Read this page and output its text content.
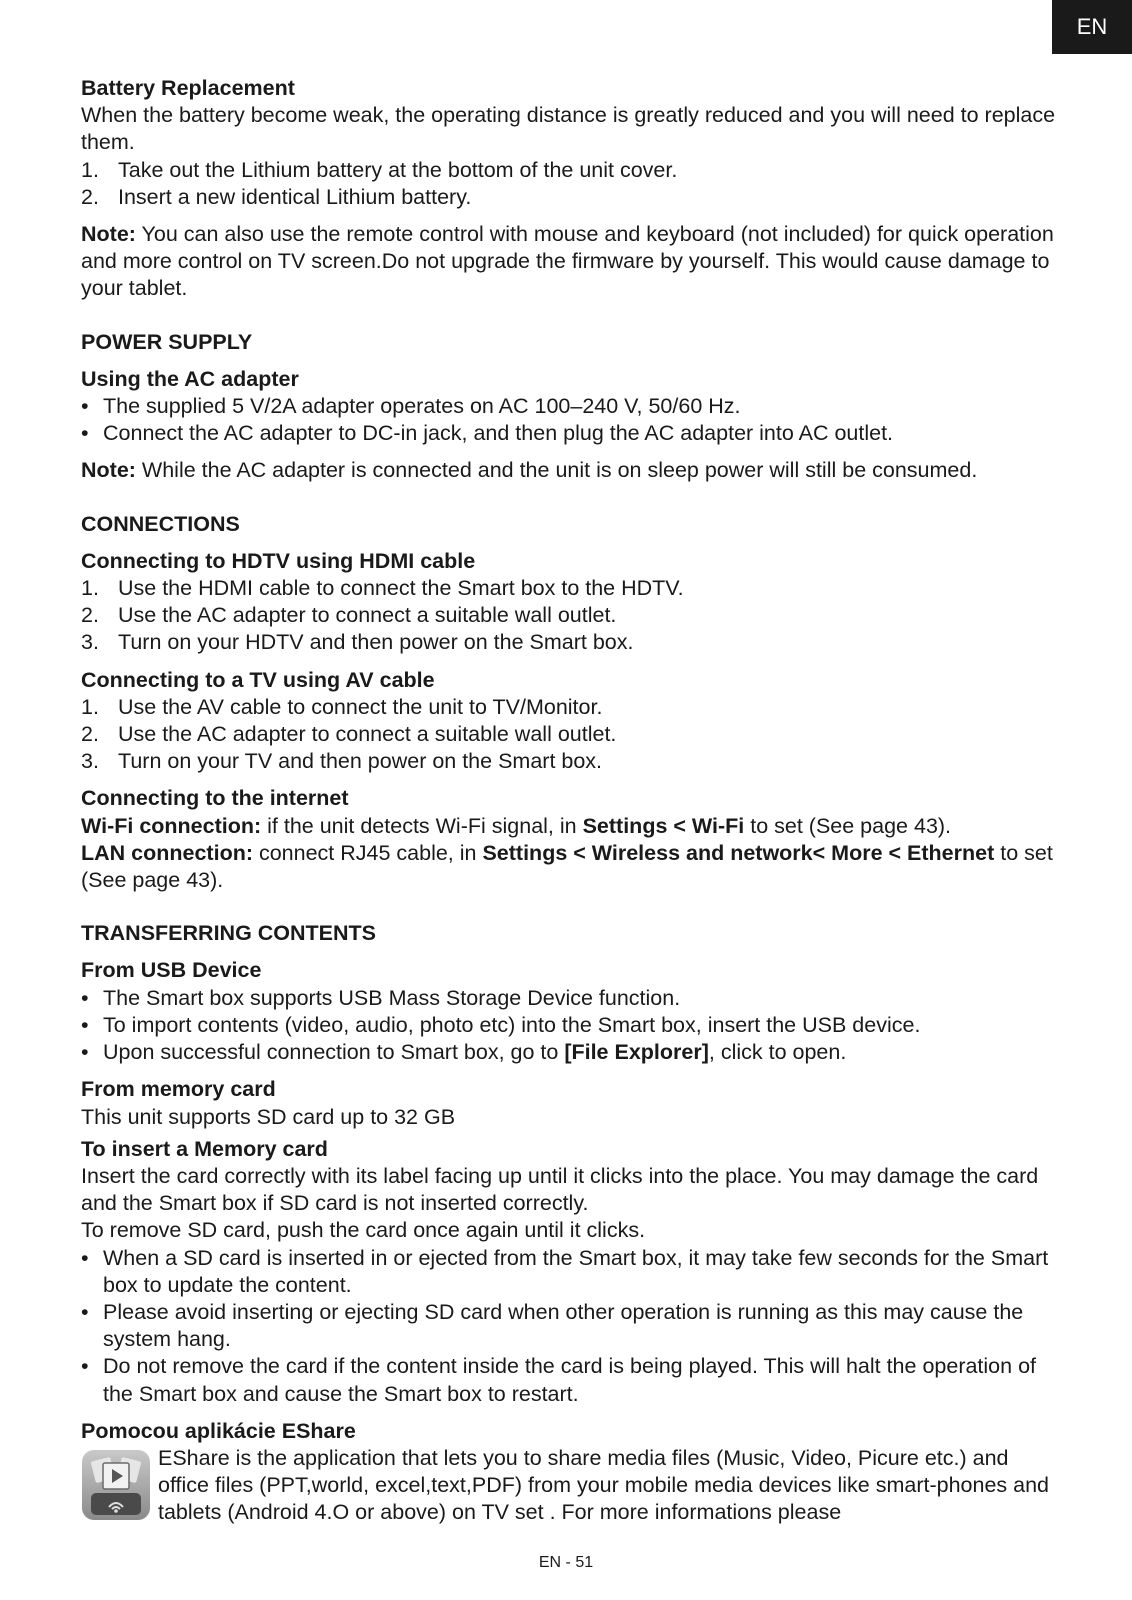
EN

Battery Replacement

When the battery become weak, the operating distance is greatly reduced and you will need to replace them.

1. Take out the Lithium battery at the bottom of the unit cover.
2. Insert a new identical Lithium battery.

Note: You can also use the remote control with mouse and keyboard (not included) for quick operation and more control on TV screen.Do not upgrade the firmware by yourself. This would cause damage to your tablet.

POWER SUPPLY

Using the AC adapter

• The supplied 5 V/2A adapter operates on AC 100–240 V, 50/60 Hz.
• Connect the AC adapter to DC-in jack, and then plug the AC adapter into AC outlet.

Note: While the AC adapter is connected and the unit is on sleep power will still be consumed.

CONNECTIONS

Connecting to HDTV using HDMI cable

1. Use the HDMI cable to connect the Smart box to the HDTV.
2. Use the AC adapter to connect a suitable wall outlet.
3. Turn on your HDTV and then power on the Smart box.

Connecting to a TV using AV cable

1. Use the AV cable to connect the unit to TV/Monitor.
2. Use the AC adapter to connect a suitable wall outlet.
3. Turn on your TV and then power on the Smart box.

Connecting to the internet

Wi-Fi connection: if the unit detects Wi-Fi signal, in Settings < Wi-Fi to set (See page 43).

LAN connection: connect RJ45 cable, in Settings < Wireless and network< More < Ethernet to set (See page 43).

TRANSFERRING CONTENTS

From USB Device

• The Smart box supports USB Mass Storage Device function.
• To import contents (video, audio, photo etc) into the Smart box, insert the USB device.
• Upon successful connection to Smart box, go to [File Explorer], click to open.

From memory card

This unit supports SD card up to 32 GB

To insert a Memory card

Insert the card correctly with its label facing up until it clicks into the place. You may damage the card and the Smart box if SD card is not inserted correctly.

To remove SD card, push the card once again until it clicks.

• When a SD card is inserted in or ejected from the Smart box, it may take few seconds for the Smart box to update the content.
• Please avoid inserting or ejecting SD card when other operation is running as this may cause the system hang.
• Do not remove the card if the content inside the card is being played. This will halt the operation of the Smart box and cause the Smart box to restart.

Pomocou aplikácie EShare

EShare is the application that lets you to share media files (Music, Video, Picure etc.) and office files (PPT,world, excel,text,PDF) from your mobile media devices like smart-phones and tablets (Android 4.O or above) on TV set . For more informations please

EN - 51
